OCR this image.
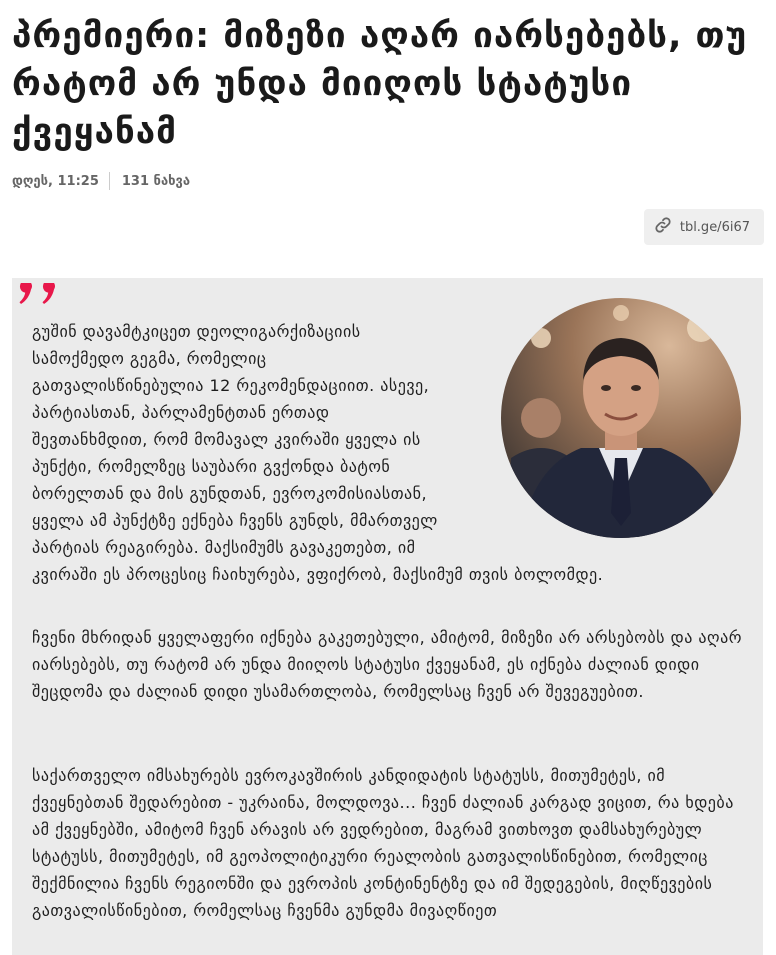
პრემიერი: მიზეზი აღარ იარსებებს, თუ რატომ არ უნდა მიიღოს სტატუსი ქვეყანამ
დღეს, 11:25 131 ნახვა
tbl.ge/6i67

გუშინ დავამტკიცეთ დეოლიგარქიზაციის
სამოქმედო გეგმა, რომელიც
გათვალისწინებულია 12 რეკომენდაციით. ასევე,
პარტიასთან, პარლამენტთან ერთად
შევთანხმდით, რომ მომავალ კვირაში ყველა ის
პუნქტი, რომელზეც საუბარი გვქონდა ბატონ
ბორელთან და მის გუნდთან, ევროკომისიასთან,
ყველა ამ პუნქტზე ექნება ჩვენს გუნდს, მმართველ
პარტიას რეაგირება. მაქსიმუმს გავაკეთებთ, იმ
კვირაში ეს პროცესიც ჩაიხურება, ვფიქრობ, მაქსიმუმ თვის ბოლომდე.

ჩვენი მხრიდან ყველაფერი იქნება გაკეთებული, ამიტომ, მიზეზი არ არსებობს და აღარ იარსებებს, თუ რატომ არ უნდა მიიღოს სტატუსი ქვეყანამ, ეს იქნება ძალიან დიდი შეცდომა და ძალიან დიდი უსამართლობა, რომელსაც ჩვენ არ შევეგუებით.

საქართველო იმსახურებს ევროკავშირის კანდიდატის სტატუსს, მითუმეტეს, იმ ქვეყნებთან შედარებით - უკრაინა, მოლდოვა... ჩვენ ძალიან კარგად ვიცით, რა ხდება ამ ქვეყნებში, ამიტომ ჩვენ არავის არ ვედრებით, მაგრამ ვითხოვთ დამსახურებულ სტატუსს, მითუმეტეს, იმ გეოპოლიტიკური რეალობის გათვალისწინებით, რომელიც შექმნილია ჩვენს რეგიონში და ევროპის კონტინენტზე და იმ შედეგების, მიღწევების გათვალისწინებით, რომელსაც ჩვენმა გუნდმა მივაღწიეთ
